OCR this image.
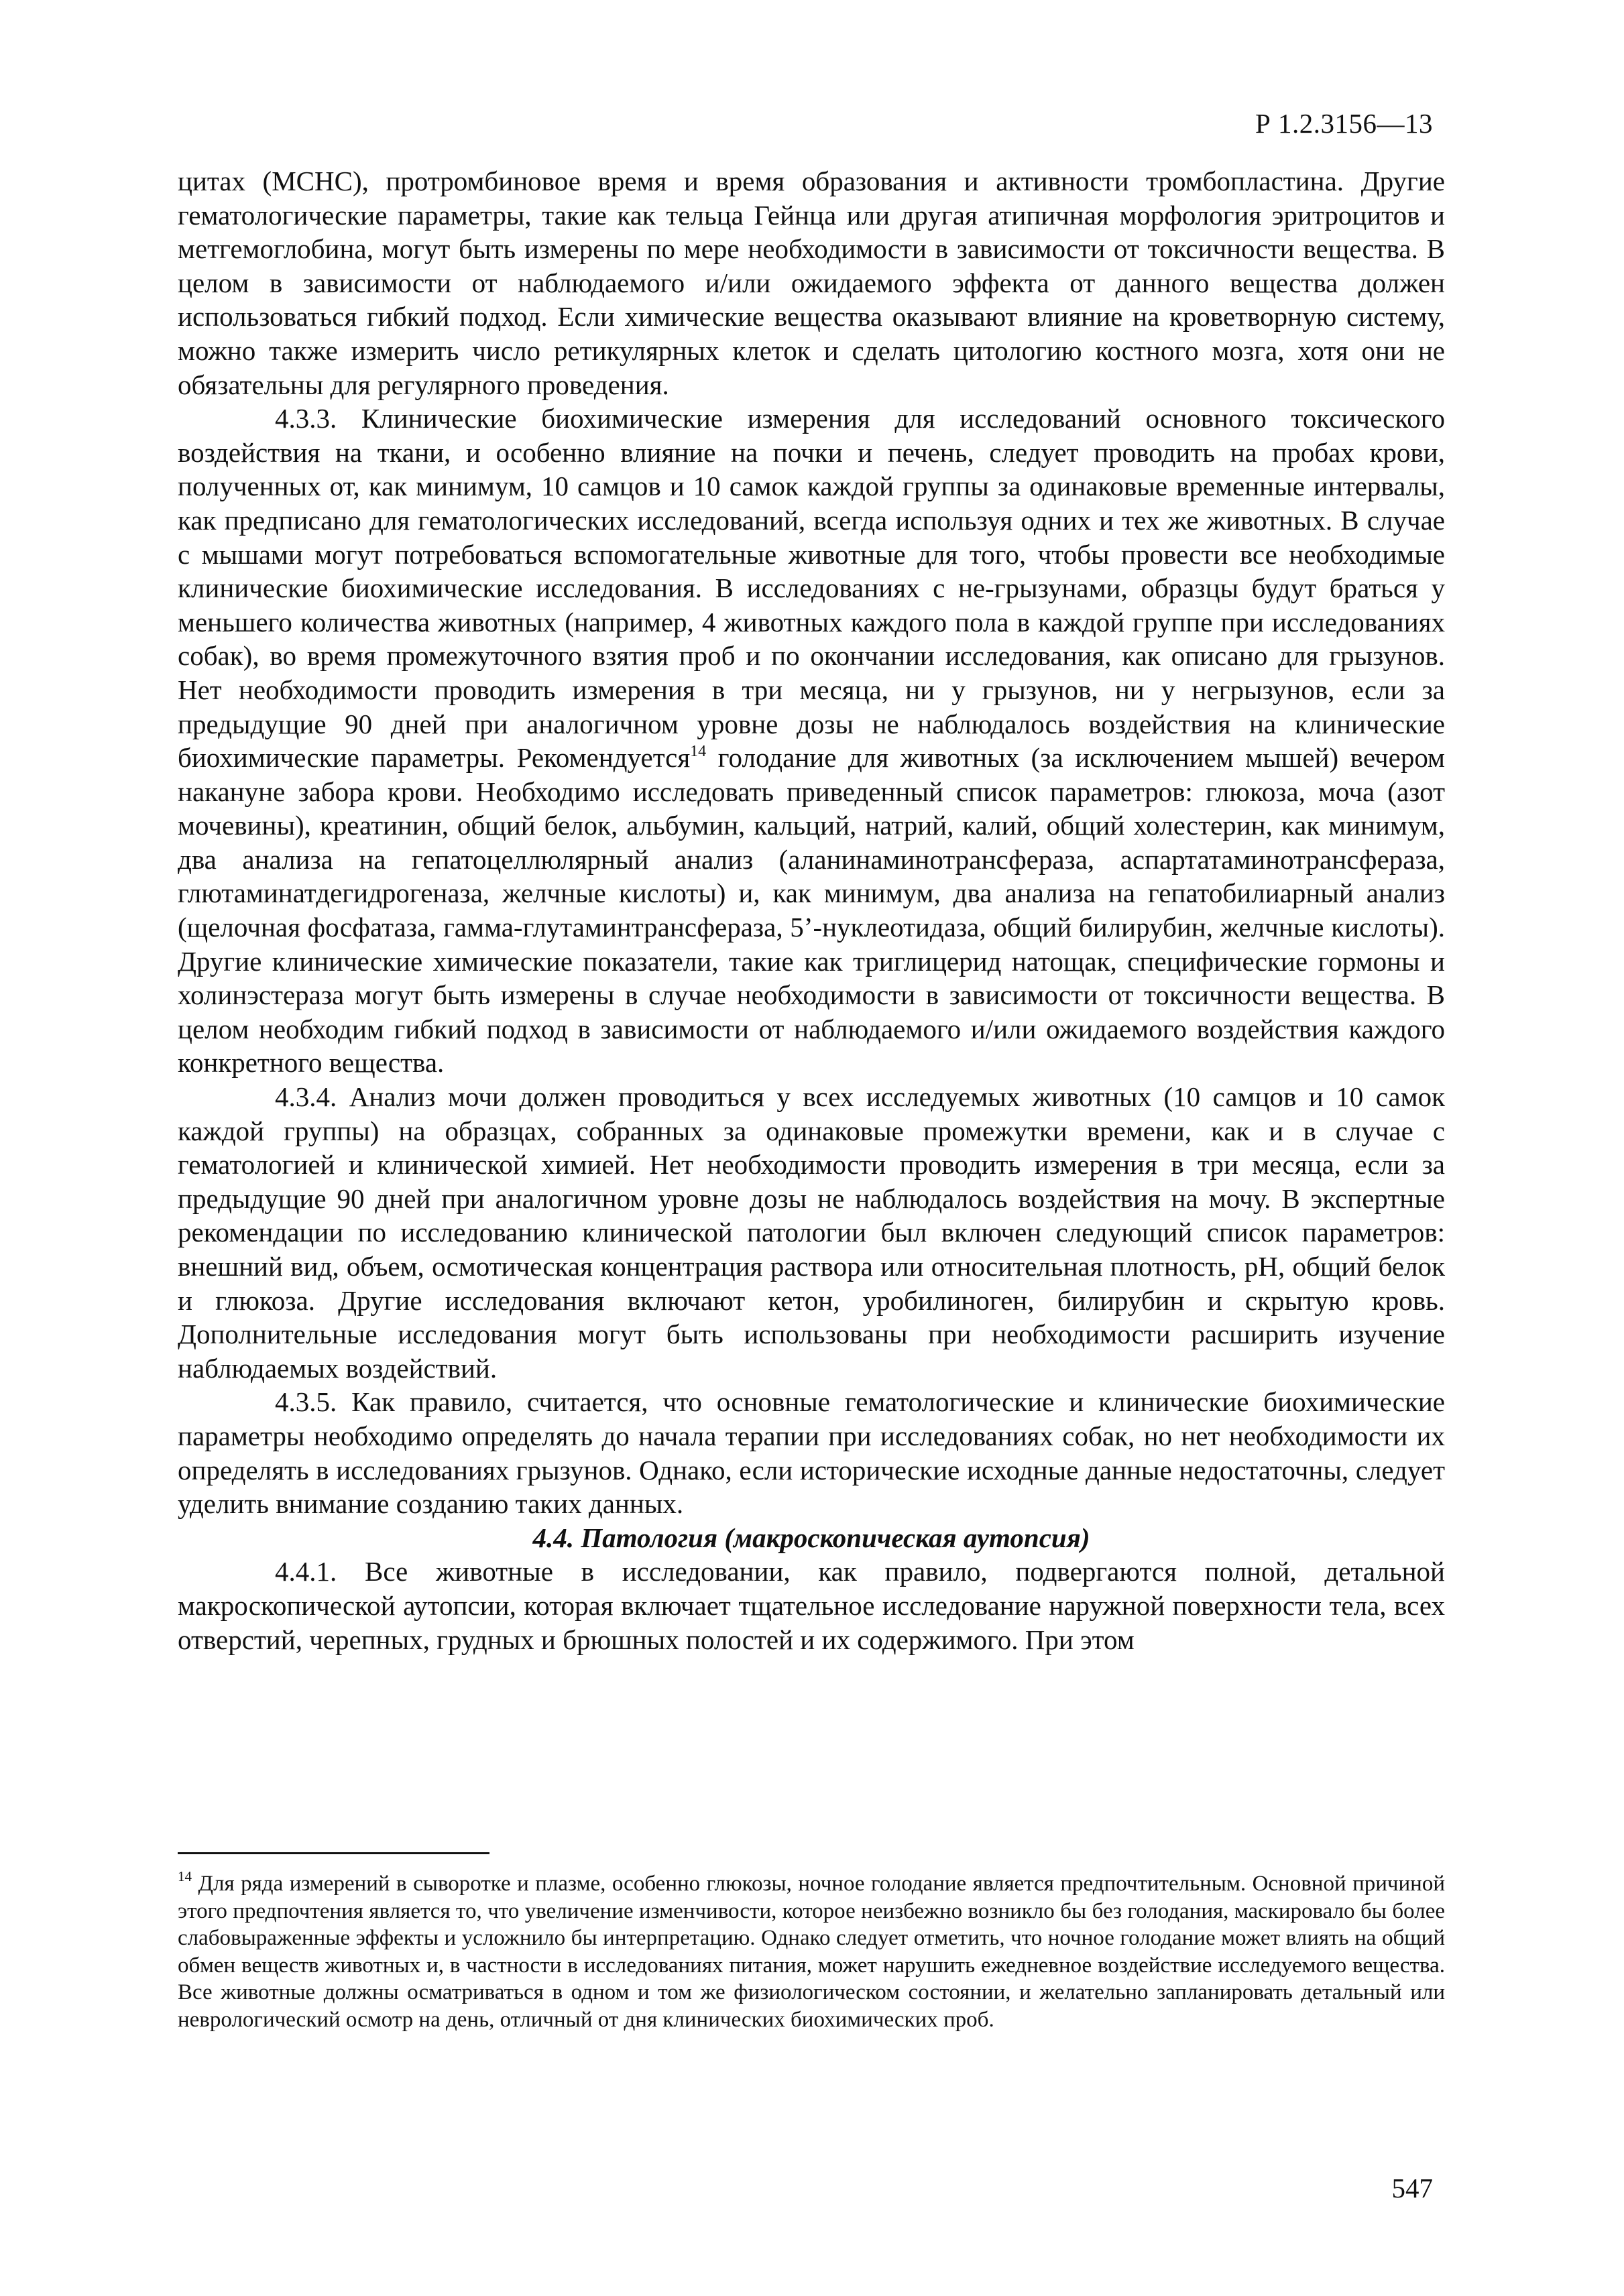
Р 1.2.3156—13

цитах (МСНС), протромбиновое время и время образования и активности тромбопластина. Другие гематологические параметры, такие как тельца Гейнца или другая атипичная морфология эритроцитов и метгемоглобина, могут быть измерены по мере необходимости в зависимости от токсичности вещества. В целом в зависимости от наблюдаемого и/или ожидаемого эффекта от данного вещества должен использоваться гибкий подход. Если химические вещества оказывают влияние на кроветворную систему, можно также измерить число ретикулярных клеток и сделать цитологию костного мозга, хотя они не обязательны для регулярного проведения.

4.3.3. Клинические биохимические измерения для исследований основного токсического воздействия на ткани, и особенно влияние на почки и печень, следует проводить на пробах крови, полученных от, как минимум, 10 самцов и 10 самок каждой группы за одинаковые временные интервалы, как предписано для гематологических исследований, всегда используя одних и тех же животных. В случае с мышами могут потребоваться вспомогательные животные для того, чтобы провести все необходимые клинические биохимические исследования. В исследованиях с не-грызунами, образцы будут браться у меньшего количества животных (например, 4 животных каждого пола в каждой группе при исследованиях собак), во время промежуточного взятия проб и по окончании исследования, как описано для грызунов. Нет необходимости проводить измерения в три месяца, ни у грызунов, ни у негрызунов, если за предыдущие 90 дней при аналогичном уровне дозы не наблюдалось воздействия на клинические биохимические параметры. Рекомендуется$^{14}$ голодание для животных (за исключением мышей) вечером накануне забора крови. Необходимо исследовать приведенный список параметров: глюкоза, моча (азот мочевины), креатинин, общий белок, альбумин, кальций, натрий, калий, общий холестерин, как минимум, два анализа на гепатоцеллюлярный анализ (аланинаминотрансфераза, аспартатаминотрансфераза, глютаминатдегидрогеназа, желчные кислоты) и, как минимум, два анализа на гепатобилиарный анализ (щелочная фосфатаза, гамма-глутаминтрансфераза, 5’-нуклеотидаза, общий билирубин, желчные кислоты). Другие клинические химические показатели, такие как триглицерид натощак, специфические гормоны и холинэстераза могут быть измерены в случае необходимости в зависимости от токсичности вещества. В целом необходим гибкий подход в зависимости от наблюдаемого и/или ожидаемого воздействия каждого конкретного вещества.

4.3.4. Анализ мочи должен проводиться у всех исследуемых животных (10 самцов и 10 самок каждой группы) на образцах, собранных за одинаковые промежутки времени, как и в случае с гематологией и клинической химией. Нет необходимости проводить измерения в три месяца, если за предыдущие 90 дней при аналогичном уровне дозы не наблюдалось воздействия на мочу. В экспертные рекомендации по исследованию клинической патологии был включен следующий список параметров: внешний вид, объем, осмотическая концентрация раствора или относительная плотность, pH, общий белок и глюкоза. Другие исследования включают кетон, уробилиноген, билирубин и скрытую кровь. Дополнительные исследования могут быть использованы при необходимости расширить изучение наблюдаемых воздействий.

4.3.5. Как правило, считается, что основные гематологические и клинические биохимические параметры необходимо определять до начала терапии при исследованиях собак, но нет необходимости их определять в исследованиях грызунов. Однако, если исторические исходные данные недостаточны, следует уделить внимание созданию таких данных.

4.4. Патология (макроскопическая аутопсия)

4.4.1. Все животные в исследовании, как правило, подвергаются полной, детальной макроскопической аутопсии, которая включает тщательное исследование наружной поверхности тела, всех отверстий, черепных, грудных и брюшных полостей и их содержимого. При этом

$^{14}$ Для ряда измерений в сыворотке и плазме, особенно глюкозы, ночное голодание является предпочтительным. Основной причиной этого предпочтения является то, что увеличение изменчивости, которое неизбежно возникло бы без голодания, маскировало бы более слабовыраженные эффекты и усложнило бы интерпретацию. Однако следует отметить, что ночное голодание может влиять на общий обмен веществ животных и, в частности в исследованиях питания, может нарушить ежедневное воздействие исследуемого вещества. Все животные должны осматриваться в одном и том же физиологическом состоянии, и желательно запланировать детальный или неврологический осмотр на день, отличный от дня клинических биохимических проб.
547
